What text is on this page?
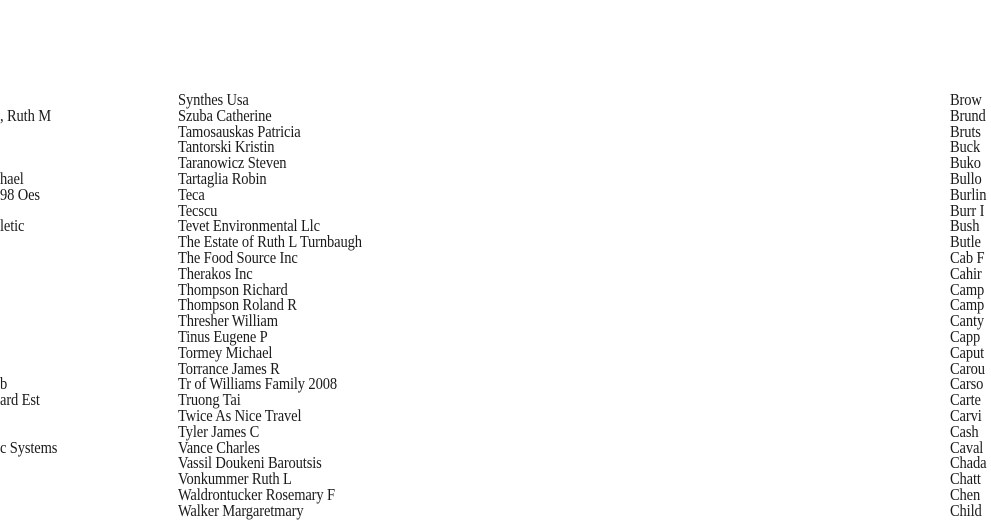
, Ruth M
hael
98 Oes
letic
b
ard Est
c Systems
Synthes Usa
Szuba Catherine
Tamosauskas Patricia
Tantorski Kristin
Taranowicz Steven
Tartaglia Robin
Teca
Tecscu
Tevet Environmental Llc
The Estate of Ruth L Turnbaugh
The Food Source Inc
Therakos Inc
Thompson Richard
Thompson Roland R
Thresher William
Tinus Eugene P
Tormey Michael
Torrance James R
Tr of Williams Family 2008
Truong Tai
Twice As Nice Travel
Tyler James C
Vance Charles
Vassil Doukeni Baroutsis
Vonkummer Ruth L
Waldrontucker Rosemary F
Walker Margaretmary
Brow
Brund
Bruts
Buck
Buko
Bullo
Burlin
Burr I
Bush
Butle
Cab F
Cahir
Camp
Camp
Canty
Capp
Caput
Carou
Carso
Carte
Carvi
Cash
Caval
Chada
Chatt
Chen
Child
